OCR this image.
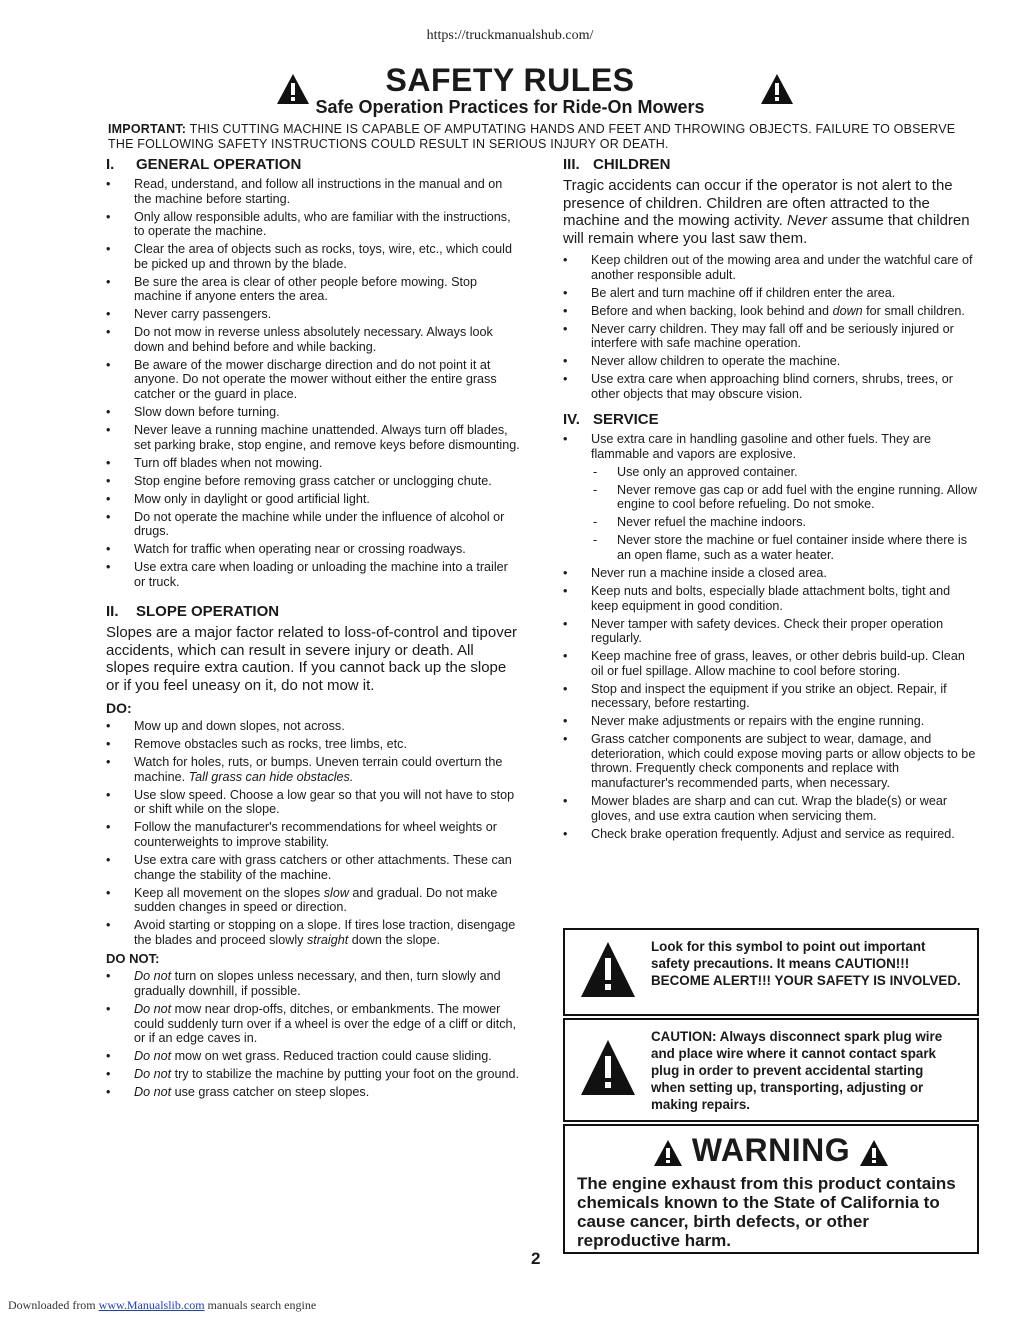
https://truckmanualshub.com/
SAFETY RULES
Safe Operation Practices for Ride-On Mowers
IMPORTANT: THIS CUTTING MACHINE IS CAPABLE OF AMPUTATING HANDS AND FEET AND THROWING OBJECTS. FAILURE TO OBSERVE THE FOLLOWING SAFETY INSTRUCTIONS COULD RESULT IN SERIOUS INJURY OR DEATH.
I.	GENERAL OPERATION
• Read, understand, and follow all instructions in the manual and on the machine before starting.
• Only allow responsible adults, who are familiar with the instructions, to operate the machine.
• Clear the area of objects such as rocks, toys, wire, etc., which could be picked up and thrown by the blade.
• Be sure the area is clear of other people before mowing. Stop machine if anyone enters the area.
• Never carry passengers.
• Do not mow in reverse unless absolutely necessary. Always look down and behind before and while backing.
• Be aware of the mower discharge direction and do not point it at anyone. Do not operate the mower without either the entire grass catcher or the guard in place.
• Slow down before turning.
• Never leave a running machine unattended. Always turn off blades, set parking brake, stop engine, and remove keys before dismounting.
• Turn off blades when not mowing.
• Stop engine before removing grass catcher or unclogging chute.
• Mow only in daylight or good artificial light.
• Do not operate the machine while under the influence of alcohol or drugs.
• Watch for traffic when operating near or crossing roadways.
• Use extra care when loading or unloading the machine into a trailer or truck.
II.	SLOPE OPERATION

Slopes are a major factor related to loss-of-control and tipover accidents, which can result in severe injury or death. All slopes require extra caution. If you cannot back up the slope or if you feel uneasy on it, do not mow it.

DO:
• Mow up and down slopes, not across.
• Remove obstacles such as rocks, tree limbs, etc.
• Watch for holes, ruts, or bumps. Uneven terrain could overturn the machine. Tall grass can hide obstacles.
• Use slow speed. Choose a low gear so that you will not have to stop or shift while on the slope.
• Follow the manufacturer's recommendations for wheel weights or counterweights to improve stability.
• Use extra care with grass catchers or other attachments. These can change the stability of the machine.
• Keep all movement on the slopes slow and gradual. Do not make sudden changes in speed or direction.
• Avoid starting or stopping on a slope. If tires lose traction, disengage the blades and proceed slowly straight down the slope.
DO NOT:
• Do not turn on slopes unless necessary, and then, turn slowly and gradually downhill, if possible.
• Do not mow near drop-offs, ditches, or embankments. The mower could suddenly turn over if a wheel is over the edge of a cliff or ditch, or if an edge caves in.
• Do not mow on wet grass. Reduced traction could cause sliding.
• Do not try to stabilize the machine by putting your foot on the ground.
• Do not use grass catcher on steep slopes.
III. CHILDREN

Tragic accidents can occur if the operator is not alert to the presence of children. Children are often attracted to the machine and the mowing activity. Never assume that children will remain where you last saw them.

• Keep children out of the mowing area and under the watchful care of another responsible adult.
• Be alert and turn machine off if children enter the area.
• Before and when backing, look behind and down for small children.
• Never carry children. They may fall off and be seriously injured or interfere with safe machine operation.
• Never allow children to operate the machine.
• Use extra care when approaching blind corners, shrubs, trees, or other objects that may obscure vision.
IV. SERVICE
• Use extra care in handling gasoline and other fuels. They are flammable and vapors are explosive.
- Use only an approved container.
- Never remove gas cap or add fuel with the engine running. Allow engine to cool before refueling. Do not smoke.
- Never refuel the machine indoors.
- Never store the machine or fuel container inside where there is an open flame, such as a water heater.
• Never run a machine inside a closed area.
• Keep nuts and bolts, especially blade attachment bolts, tight and keep equipment in good condition.
• Never tamper with safety devices. Check their proper operation regularly.
• Keep machine free of grass, leaves, or other debris build-up. Clean oil or fuel spillage. Allow machine to cool before storing.
• Stop and inspect the equipment if you strike an object. Repair, if necessary, before restarting.
• Never make adjustments or repairs with the engine running.
• Grass catcher components are subject to wear, damage, and deterioration, which could expose moving parts or allow objects to be thrown. Frequently check components and replace with manufacturer's recommended parts, when necessary.
• Mower blades are sharp and can cut. Wrap the blade(s) or wear gloves, and use extra caution when servicing them.
• Check brake operation frequently. Adjust and service as required.
Look for this symbol to point out important safety precautions. It means CAUTION!!! BECOME ALERT!!! YOUR SAFETY IS INVOLVED.
CAUTION: Always disconnect spark plug wire and place wire where it cannot contact spark plug in order to prevent accidental starting when setting up, transporting, adjusting or making repairs.
WARNING
The engine exhaust from this product contains chemicals known to the State of California to cause cancer, birth defects, or other reproductive harm.
2
Downloaded from www.Manualslib.com manuals search engine
